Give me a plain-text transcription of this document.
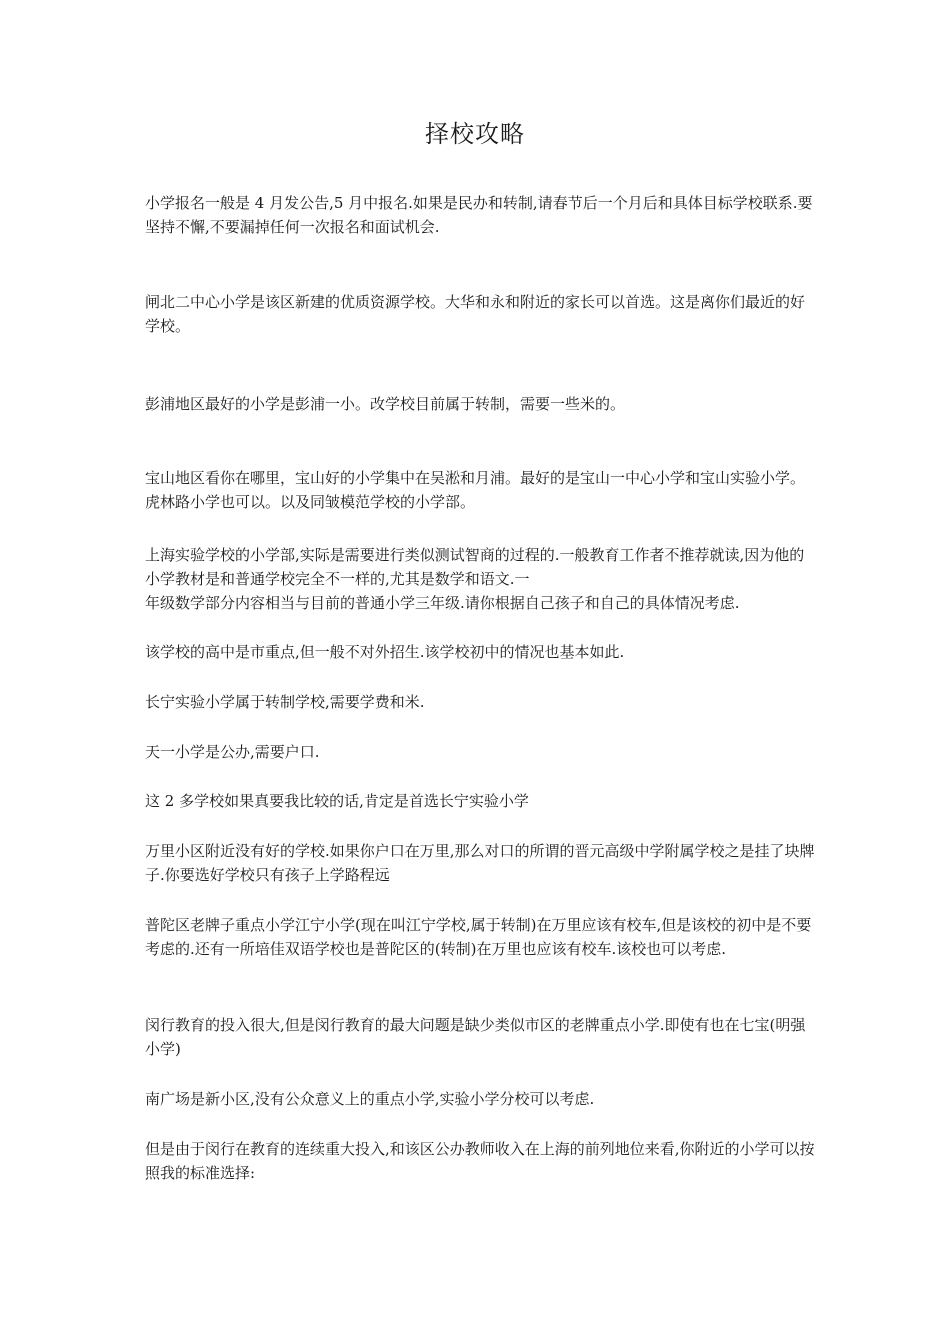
择校攻略

小学报名一般是 4 月发公告,5 月中报名.如果是民办和转制,请春节后一个月后和具体目标学校联系.要坚持不懈,不要漏掉任何一次报名和面试机会.

闸北二中心小学是该区新建的优质资源学校。大华和永和附近的家长可以首选。这是离你们最近的好学校。

彭浦地区最好的小学是彭浦一小。改学校目前属于转制，需要一些米的。

宝山地区看你在哪里，宝山好的小学集中在吴淞和月浦。最好的是宝山一中心小学和宝山实验小学。虎林路小学也可以。以及同皱模范学校的小学部。

上海实验学校的小学部,实际是需要进行类似测试智商的过程的.一般教育工作者不推荐就读,因为他的小学教材是和普通学校完全不一样的,尤其是数学和语文.一
年级数学部分内容相当与目前的普通小学三年级.请你根据自己孩子和自己的具体情况考虑.

该学校的高中是市重点,但一般不对外招生.该学校初中的情况也基本如此.

长宁实验小学属于转制学校,需要学费和米.

天一小学是公办,需要户口.

这 2 多学校如果真要我比较的话,肯定是首选长宁实验小学

万里小区附近没有好的学校.如果你户口在万里,那么对口的所谓的晋元高级中学附属学校之是挂了块牌子.你要选好学校只有孩子上学路程远

普陀区老牌子重点小学江宁小学(现在叫江宁学校,属于转制)在万里应该有校车,但是该校的初中是不要考虑的.还有一所培佳双语学校也是普陀区的(转制)在万里也应该有校车.该校也可以考虑.

闵行教育的投入很大,但是闵行教育的最大问题是缺少类似市区的老牌重点小学.即使有也在七宝(明强小学)

南广场是新小区,没有公众意义上的重点小学,实验小学分校可以考虑.

但是由于闵行在教育的连续重大投入,和该区公办教师收入在上海的前列地位来看,你附近的小学可以按照我的标准选择:
